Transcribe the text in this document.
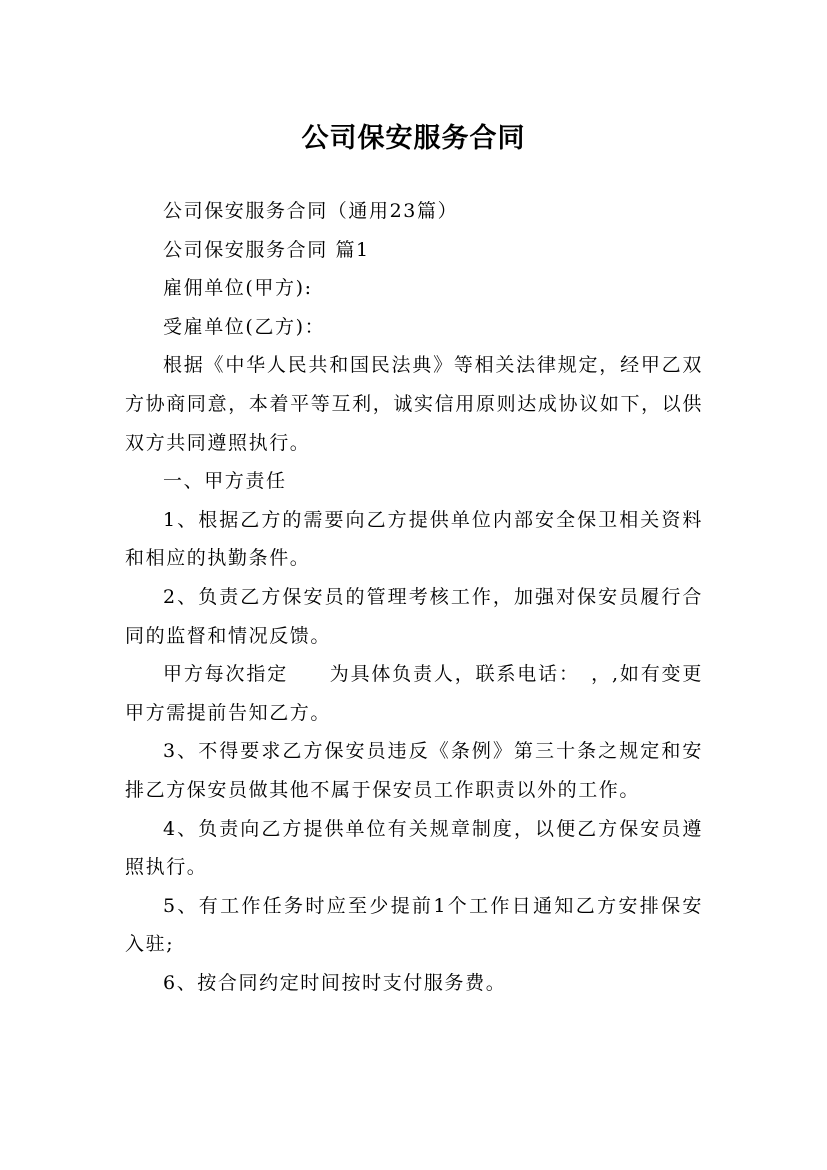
公司保安服务合同

公司保安服务合同（通用23篇）

公司保安服务合同 篇1

雇佣单位(甲方):

受雇单位(乙方)：

根据《中华人民共和国民法典》等相关法律规定，经甲乙双方协商同意，本着平等互利，诚实信用原则达成协议如下，以供双方共同遵照执行。

一、甲方责任

1、根据乙方的需要向乙方提供单位内部安全保卫相关资料和相应的执勤条件。

2、负责乙方保安员的管理考核工作，加强对保安员履行合同的监督和情况反馈。

甲方每次指定　　为具体负责人，联系电话：　，,如有变更甲方需提前告知乙方。

3、不得要求乙方保安员违反《条例》第三十条之规定和安排乙方保安员做其他不属于保安员工作职责以外的工作。

4、负责向乙方提供单位有关规章制度，以便乙方保安员遵照执行。

5、有工作任务时应至少提前1个工作日通知乙方安排保安入驻;

6、按合同约定时间按时支付服务费。
